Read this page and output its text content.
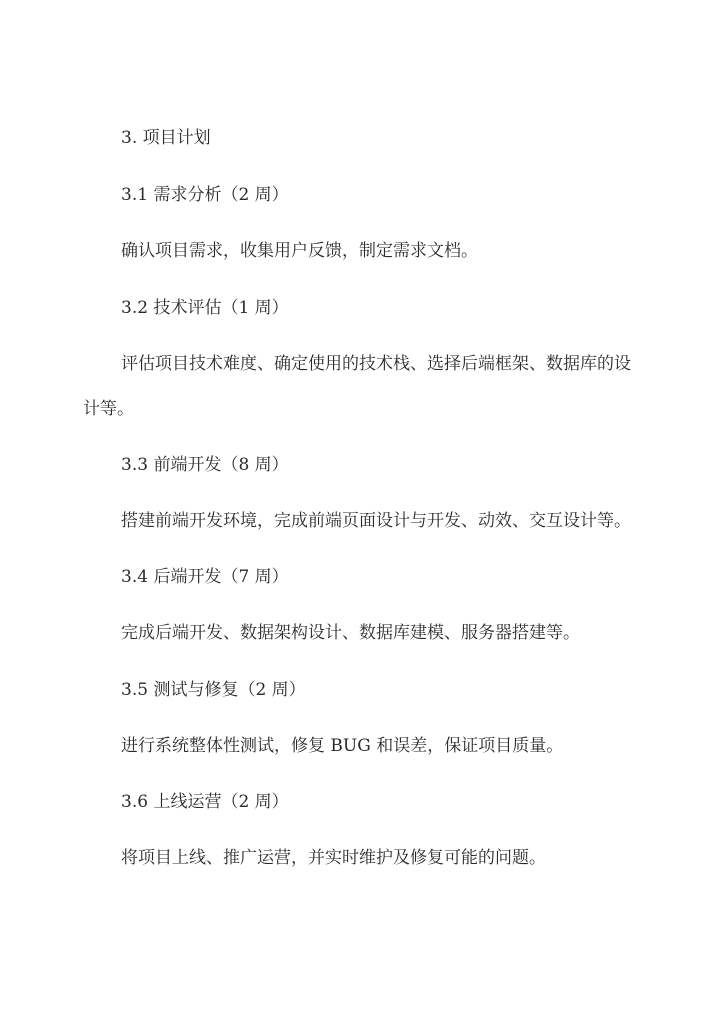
3. 项目计划
3.1 需求分析（2 周）
确认项目需求，收集用户反馈，制定需求文档。
3.2 技术评估（1 周）
评估项目技术难度、确定使用的技术栈、选择后端框架、数据库的设
计等。
3.3 前端开发（8 周）
搭建前端开发环境，完成前端页面设计与开发、动效、交互设计等。
3.4 后端开发（7 周）
完成后端开发、数据架构设计、数据库建模、服务器搭建等。
3.5 测试与修复（2 周）
进行系统整体性测试，修复 BUG 和误差，保证项目质量。
3.6 上线运营（2 周）
将项目上线、推广运营，并实时维护及修复可能的问题。
